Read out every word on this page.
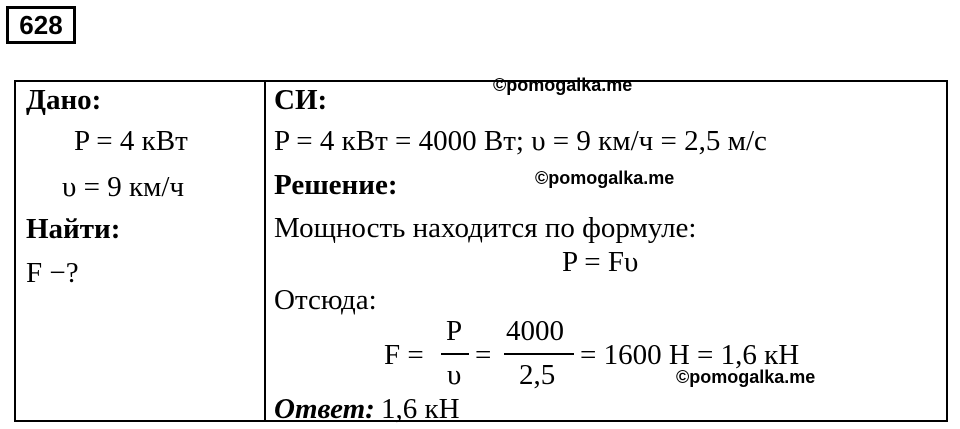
628
Дано:
P = 4 кВт
υ = 9 км/ч
Найти:
F −?
СИ:
P = 4 кВт = 4000 Вт; υ = 9 км/ч = 2,5 м/с
Решение:
Мощность находится по формуле:
P = Fυ
Отсюда:
F =
P
υ
=
4000
2,5
= 1600 Н = 1,6 кН
Ответ: 1,6 кН
©pomogalka.me
©pomogalka.me
©pomogalka.me
